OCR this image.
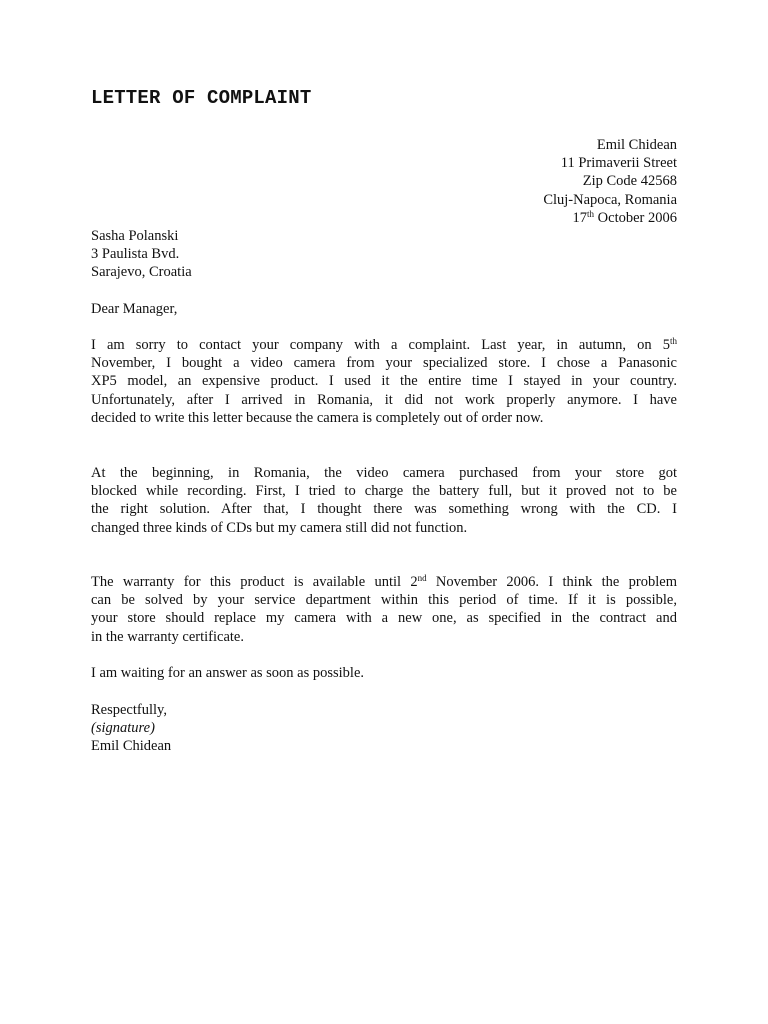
LETTER OF COMPLAINT
Emil Chidean
11 Primaverii Street
Zip Code 42568
Cluj-Napoca, Romania
17th October 2006
Sasha Polanski
3 Paulista Bvd.
Sarajevo, Croatia
Dear Manager,
I am sorry to contact your company with a complaint. Last year, in autumn, on 5th
November, I bought a video camera from your specialized store. I chose a Panasonic
XP5 model, an expensive product. I used it the entire time I stayed in your country.
Unfortunately, after I arrived in Romania, it did not work properly anymore. I have
decided to write this letter because the camera is completely out of order now.
At the beginning, in Romania, the video camera purchased from your store got
blocked while recording. First, I tried to charge the battery full, but it proved not to be
the right solution. After that, I thought there was something wrong with the CD. I
changed three kinds of CDs but my camera still did not function.
The warranty for this product is available until 2nd November 2006. I think the problem
can be solved by your service department within this period of time. If it is possible,
your store should replace my camera with a new one, as specified in the contract and
in the warranty certificate.
I am waiting for an answer as soon as possible.
Respectfully,
(signature)
Emil Chidean
